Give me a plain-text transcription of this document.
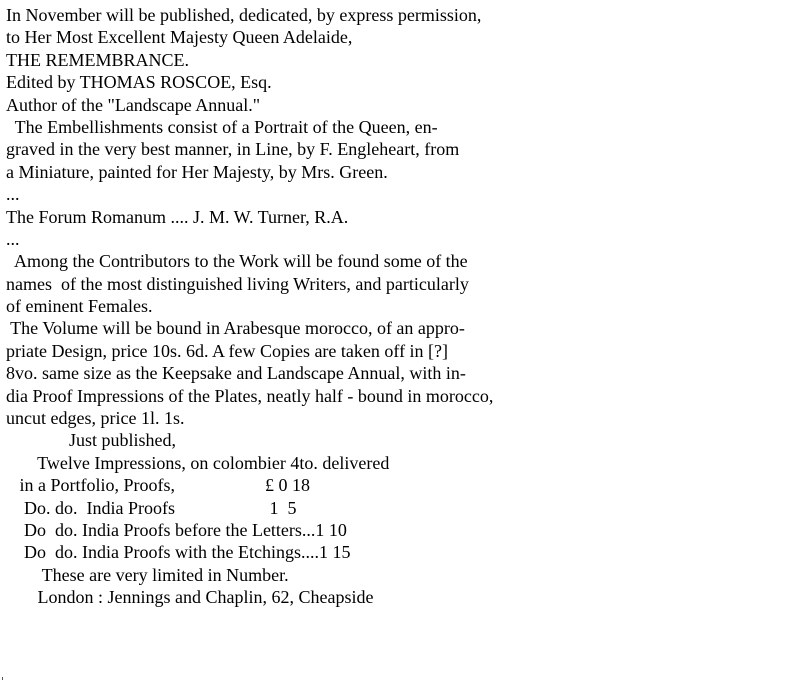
In November will be published, dedicated, by express permission,
to Her Most Excellent Majesty Queen Adelaide,
THE REMEMBRANCE.
Edited by THOMAS ROSCOE, Esq.
Author of the "Landscape Annual."
The Embellishments consist of a Portrait of the Queen, en-
graved in the very best manner, in Line, by F. Engleheart, from
a Miniature, painted for Her Majesty, by Mrs. Green.
...
The Forum Romanum .... J. M. W. Turner, R.A.
...
Among the Contributors to the Work will be found some of the
names  of the most distinguished living Writers, and particularly
of eminent Females.
The Volume will be bound in Arabesque morocco, of an appro-
priate Design, price 10s. 6d. A few Copies are taken off in [?]
8vo. same size as the Keepsake and Landscape Annual, with in-
dia Proof Impressions of the Plates, neatly half - bound in morocco,
uncut edges, price 1l. 1s.
Just published,
Twelve Impressions, on colombier 4to. delivered
in a Portfolio, Proofs,                    £ 0 18
Do. do.  India Proofs                     1  5
Do  do. India Proofs before the Letters...1 10
Do  do. India Proofs with the Etchings....1 15
These are very limited in Number.
London : Jennings and Chaplin, 62, Cheapside
